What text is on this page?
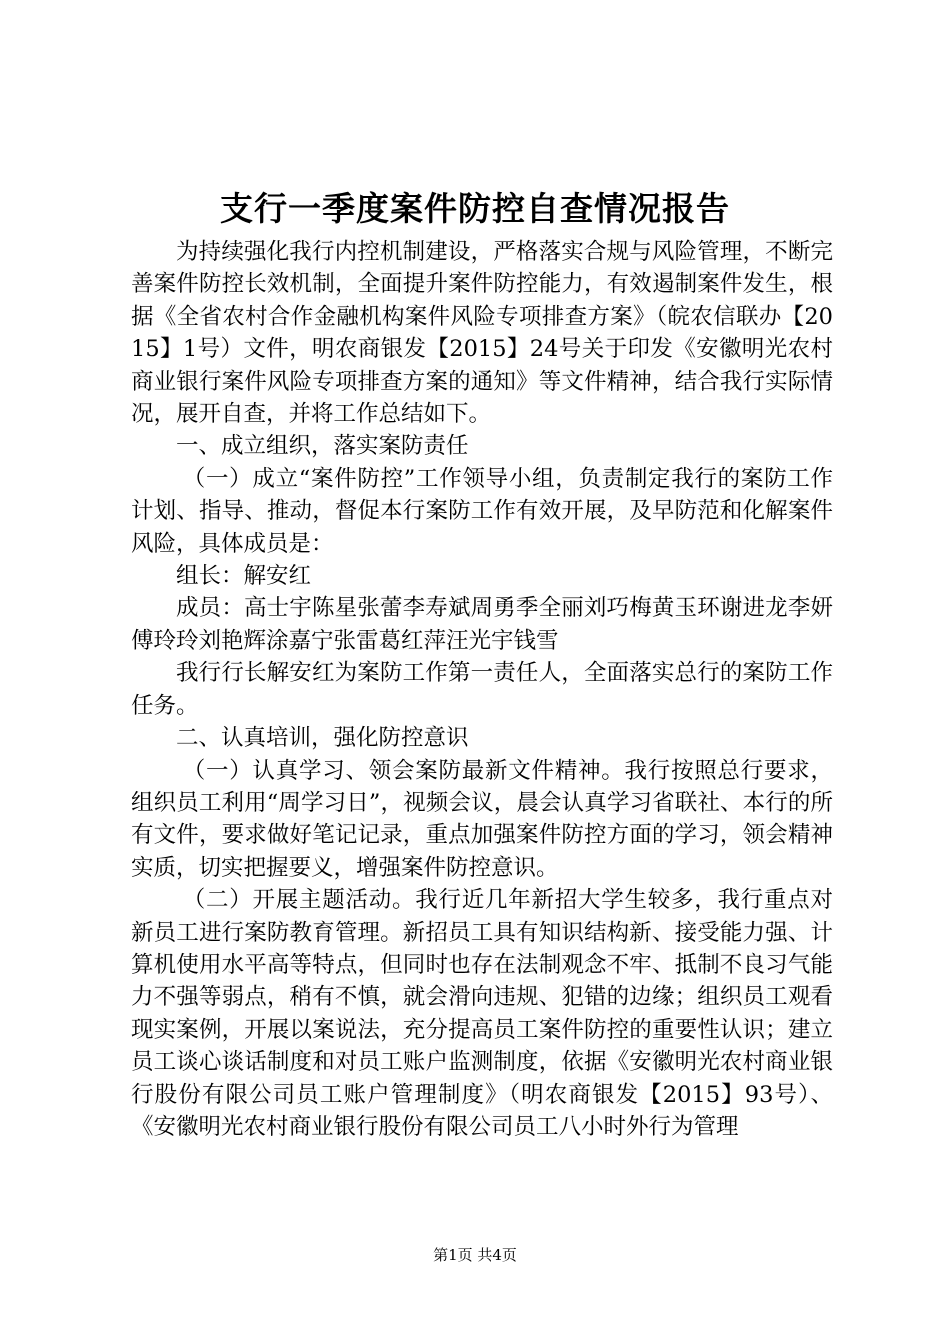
支行一季度案件防控自查情况报告

为持续强化我行内控机制建设，严格落实合规与风险管理，不断完善案件防控长效机制，全面提升案件防控能力，有效遏制案件发生，根据《全省农村合作金融机构案件风险专项排查方案》（皖农信联办【2015】1号）文件，明农商银发【2015】24号关于印发《安徽明光农村商业银行案件风险专项排查方案的通知》等文件精神，结合我行实际情况，展开自查，并将工作总结如下。

一、成立组织，落实案防责任

（一）成立“案件防控”工作领导小组，负责制定我行的案防工作计划、指导、推动，督促本行案防工作有效开展，及早防范和化解案件风险，具体成员是：

组长：解安红

成员：高士宇陈星张蕾李寿斌周勇季全丽刘巧梅黄玉环谢进龙李妍傅玲玲刘艳辉涂嘉宁张雷葛红萍汪光宇钱雪

我行行长解安红为案防工作第一责任人，全面落实总行的案防工作任务。

二、认真培训，强化防控意识

（一）认真学习、领会案防最新文件精神。我行按照总行要求，组织员工利用“周学习日”，视频会议，晨会认真学习省联社、本行的所有文件，要求做好笔记记录，重点加强案件防控方面的学习，领会精神实质，切实把握要义，增强案件防控意识。

（二）开展主题活动。我行近几年新招大学生较多，我行重点对新员工进行案防教育管理。新招员工具有知识结构新、接受能力强、计算机使用水平高等特点，但同时也存在法制观念不牢、抵制不良习气能力不强等弱点，稍有不慎，就会滑向违规、犯错的边缘；组织员工观看现实案例，开展以案说法，充分提高员工案件防控的重要性认识；建立员工谈心谈话制度和对员工账户监测制度，依据《安徽明光农村商业银行股份有限公司员工账户管理制度》（明农商银发【2015】93号）、《安徽明光农村商业银行股份有限公司员工八小时外行为管理

第1页 共4页
